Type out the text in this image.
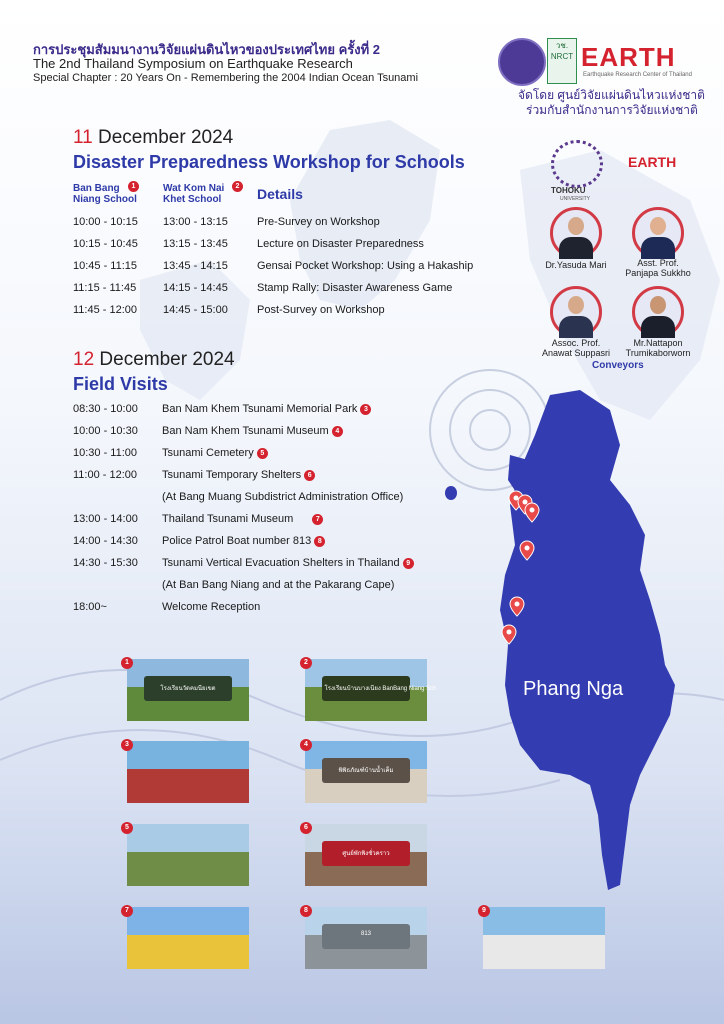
การประชุมสัมมนางานวิจัยแผ่นดินไหวของประเทศไทย ครั้งที่ 2
The 2nd Thailand Symposium on Earthquake Research
Special Chapter : 20 Years On - Remembering the 2004 Indian Ocean Tsunami
วช. NRCT EARTH
Earthquake Research Center of Thailand
จัดโดย ศูนย์วิจัยแผ่นดินไหวแห่งชาติ
ร่วมกับสำนักงานการวิจัยแห่งชาติ
11 December 2024
Disaster Preparedness Workshop for Schools
Ban Bang Niang School
1	Wat Kom Nai Khet School
2 Details
10:00 - 10:15 13:00 - 13:15	Pre-Survey on Workshop
10:15 - 10:45 13:15 - 13:45	Lecture on Disaster Preparedness
10:45 - 11:15 13:45 - 14:15	Gensai Pocket Workshop: Using a Hakaship
11:15 - 11:45 14:15 - 14:45	Stamp Rally: Disaster Awareness Game
11:45 - 12:00 14:45 - 15:00	Post-Survey on Workshop
TOHOKU
UNIVERSITY
EARTH
Dr.Yasuda Mari	Asst. Prof.
Panjapa Sukkho
Assoc. Prof.
Anawat Suppasri
Mr.Nattapon
Trumikaborworn
Conveyors
12 December 2024
Field Visits
08:30 - 10:00 Ban Nam Khem Tsunami Memorial Park 3
10:00 - 10:30 Ban Nam Khem Tsunami Museum 4
10:30 - 11:00 Tsunami Cemetery 5
11:00 - 12:00 Tsunami Temporary Shelters 6
(At Bang Muang Subdistrict Administration Office)
13:00 - 14:00 Thailand Tsunami Museum	7
14:00 - 14:30 Police Patrol Boat number 813 8
14:30 - 15:30 Tsunami Vertical Evacuation Shelters in Thailand 9
(At Ban Bang Niang and at the Pakarang Cape)
18:00~	Welcome Reception
Phang Nga
โรงเรียนวัดคมนียเขต
1
โรงเรียนบ้านบางเนียง BanBang Niang Sch
2
3
พิพิธภัณฑ์บ้านน้ำเค็ม
4
5
ศูนย์พักพิงชั่วคราว
6
7
813
8	9
